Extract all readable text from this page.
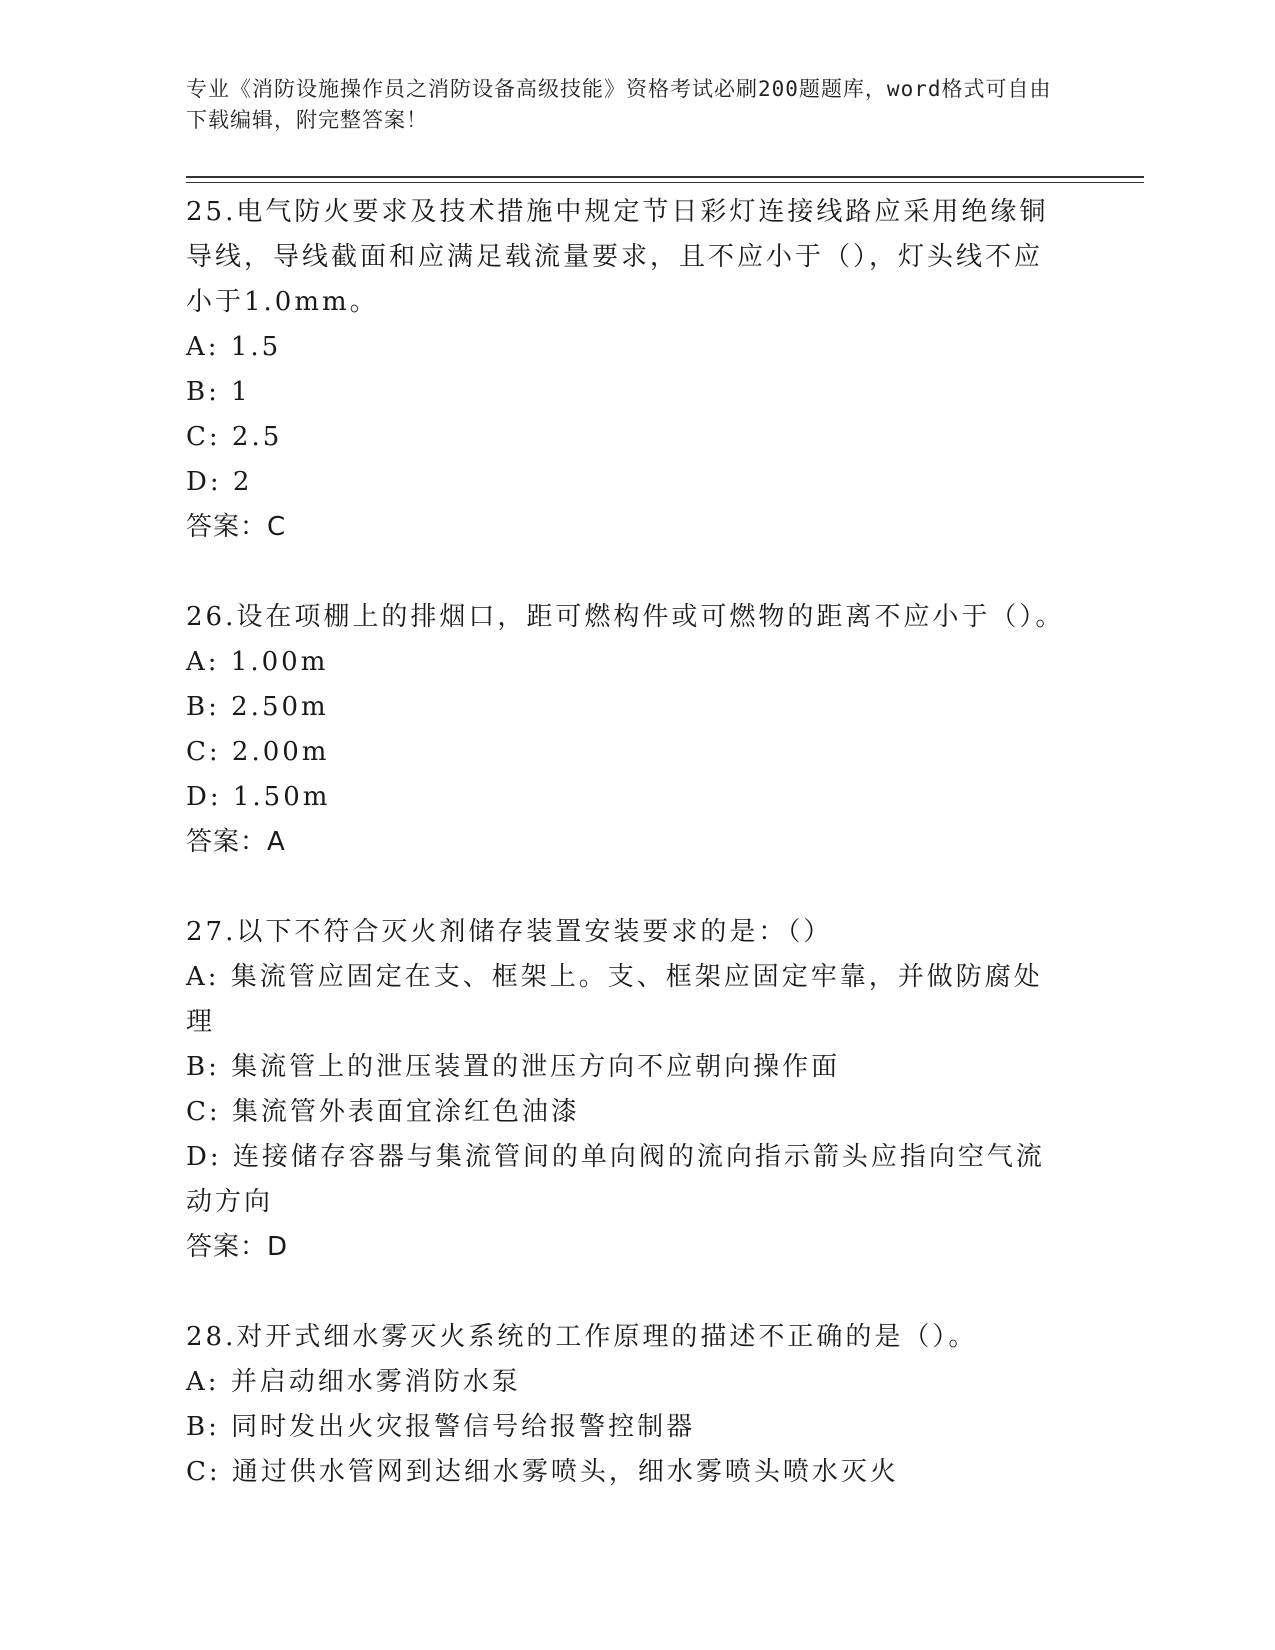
专业《消防设施操作员之消防设备高级技能》资格考试必刷200题题库，word格式可自由下载编辑，附完整答案！
25.电气防火要求及技术措施中规定节日彩灯连接线路应采用绝缘铜导线，导线截面和应满足载流量要求，且不应小于（），灯头线不应小于1.0mm。
A: 1.5
B: 1
C: 2.5
D: 2
答案：C
26.设在项棚上的排烟口，距可燃构件或可燃物的距离不应小于（）。
A: 1.00m
B: 2.50m
C: 2.00m
D: 1.50m
答案：A
27.以下不符合灭火剂储存装置安装要求的是：（）
A: 集流管应固定在支、框架上。支、框架应固定牢靠，并做防腐处理
B: 集流管上的泄压装置的泄压方向不应朝向操作面
C: 集流管外表面宜涂红色油漆
D: 连接储存容器与集流管间的单向阀的流向指示箭头应指向空气流动方向
答案：D
28.对开式细水雾灭火系统的工作原理的描述不正确的是（）。
A: 并启动细水雾消防水泵
B: 同时发出火灾报警信号给报警控制器
C: 通过供水管网到达细水雾喷头，细水雾喷头喷水灭火
